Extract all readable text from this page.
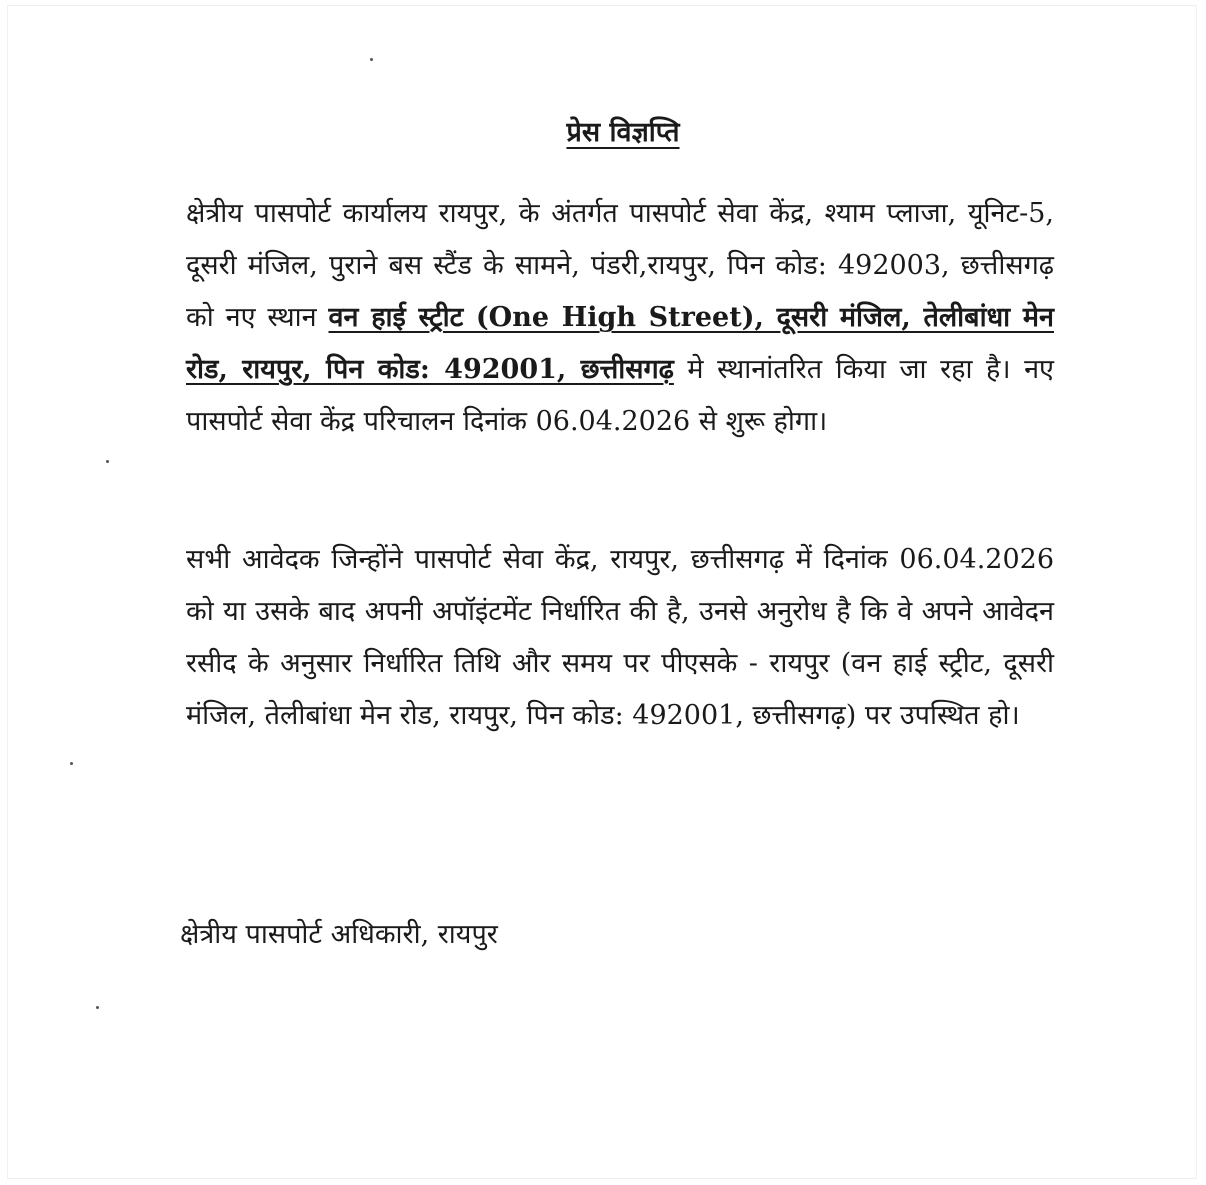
प्रेस विज्ञप्ति

क्षेत्रीय पासपोर्ट कार्यालय रायपुर, के अंतर्गत पासपोर्ट सेवा केंद्र, श्याम प्लाजा, यूनिट-5, दूसरी मंजिल, पुराने बस स्टैंड के सामने, पंडरी,रायपुर, पिन कोड: 492003, छत्तीसगढ़ को नए स्थान वन हाई स्ट्रीट (One High Street), दूसरी मंजिल, तेलीबांधा मेन रोड, रायपुर, पिन कोड: 492001, छत्तीसगढ़ मे स्थानांतरित किया जा रहा है। नए पासपोर्ट सेवा केंद्र परिचालन दिनांक 06.04.2026 से शुरू होगा।

सभी आवेदक जिन्होंने पासपोर्ट सेवा केंद्र, रायपुर, छत्तीसगढ़ में दिनांक 06.04.2026 को या उसके बाद अपनी अपॉइंटमेंट निर्धारित की है, उनसे अनुरोध है कि वे अपने आवेदन रसीद के अनुसार निर्धारित तिथि और समय पर पीएसके - रायपुर (वन हाई स्ट्रीट, दूसरी मंजिल, तेलीबांधा मेन रोड, रायपुर, पिन कोड: 492001, छत्तीसगढ़) पर उपस्थित हो।

क्षेत्रीय पासपोर्ट अधिकारी, रायपुर
